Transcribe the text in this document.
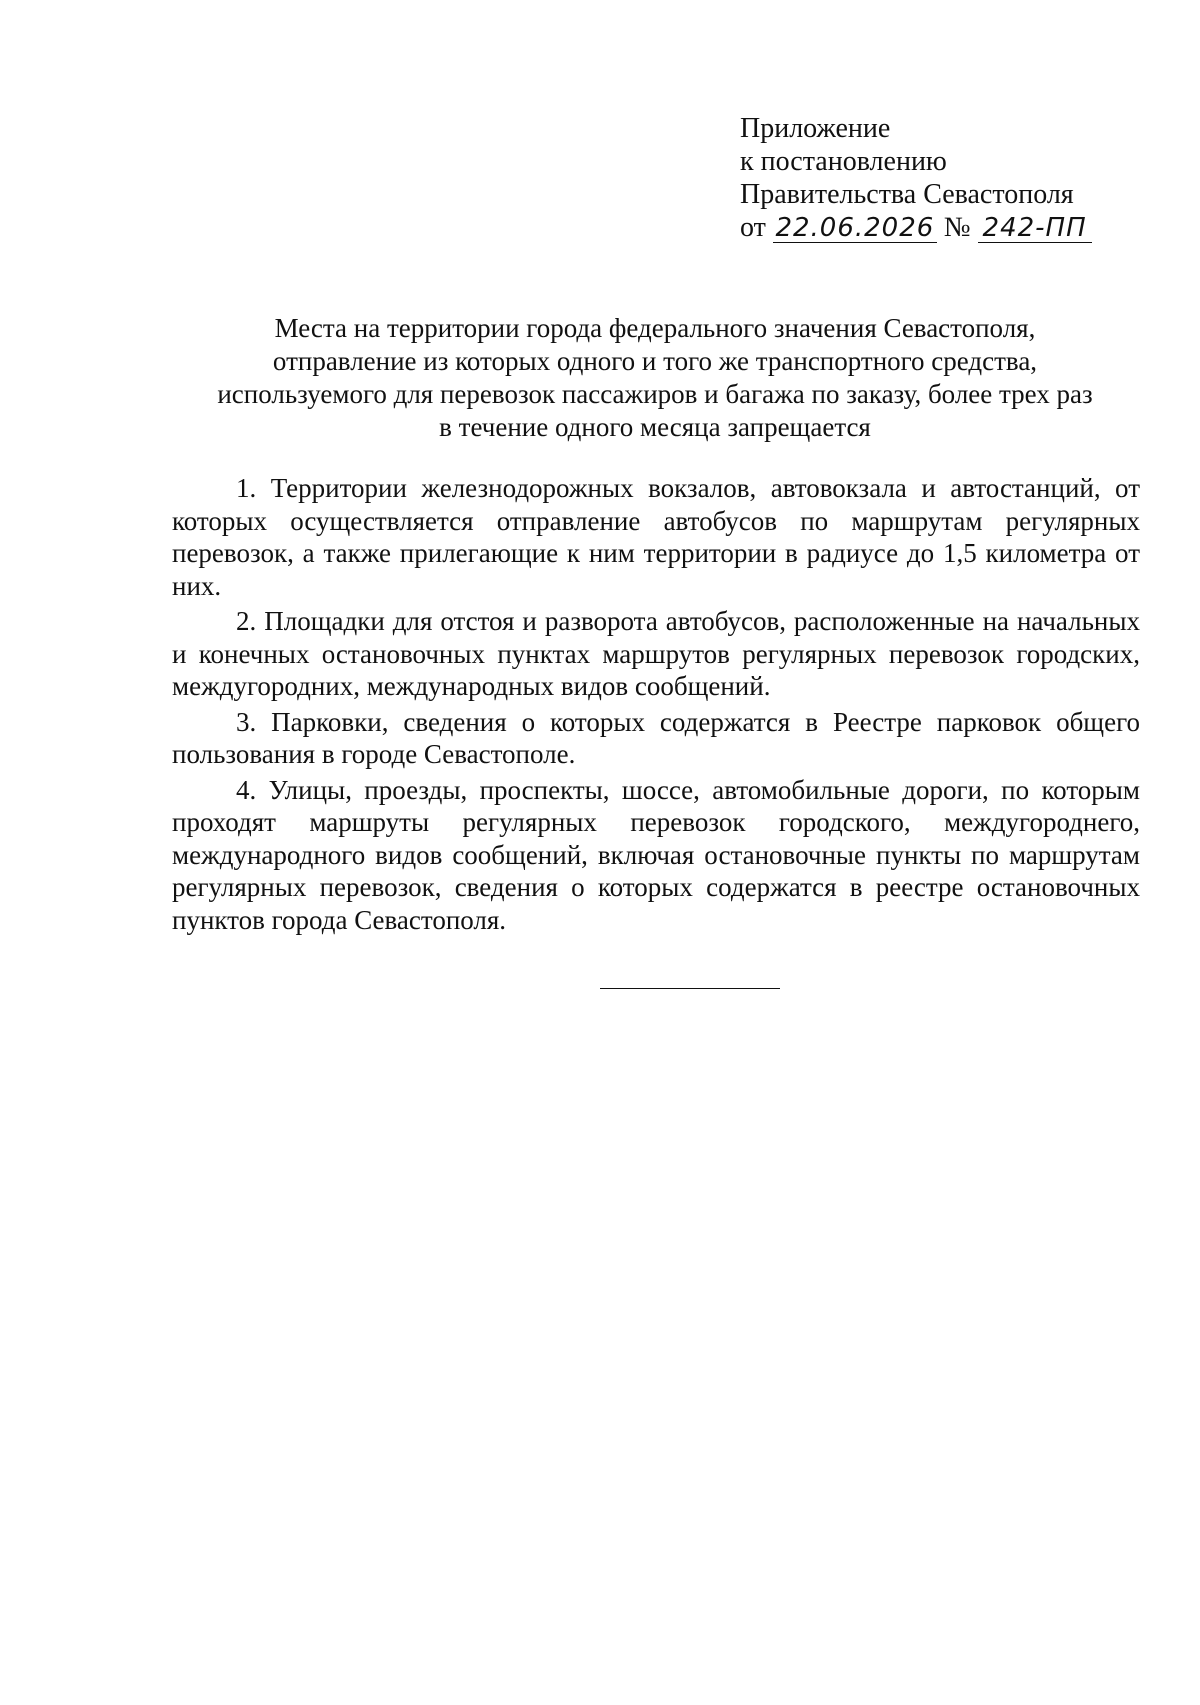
Приложение
к постановлению
Правительства Севастополя
от 22.06.2026 № 242-ПП
Места на территории города федерального значения Севастополя,
отправление из которых одного и того же транспортного средства,
используемого для перевозок пассажиров и багажа по заказу, более трех раз
в течение одного месяца запрещается

1. Территории железнодорожных вокзалов, автовокзала и автостанций, от которых осуществляется отправление автобусов по маршрутам регулярных перевозок, а также прилегающие к ним территории в радиусе до 1,5 километра от них.

2. Площадки для отстоя и разворота автобусов, расположенные на начальных и конечных остановочных пунктах маршрутов регулярных перевозок городских, междугородних, международных видов сообщений.

3. Парковки, сведения о которых содержатся в Реестре парковок общего пользования в городе Севастополе.

4. Улицы, проезды, проспекты, шоссе, автомобильные дороги, по которым проходят маршруты регулярных перевозок городского, междугороднего, международного видов сообщений, включая остановочные пункты по маршрутам регулярных перевозок, сведения о которых содержатся в реестре остановочных пунктов города Севастополя.
